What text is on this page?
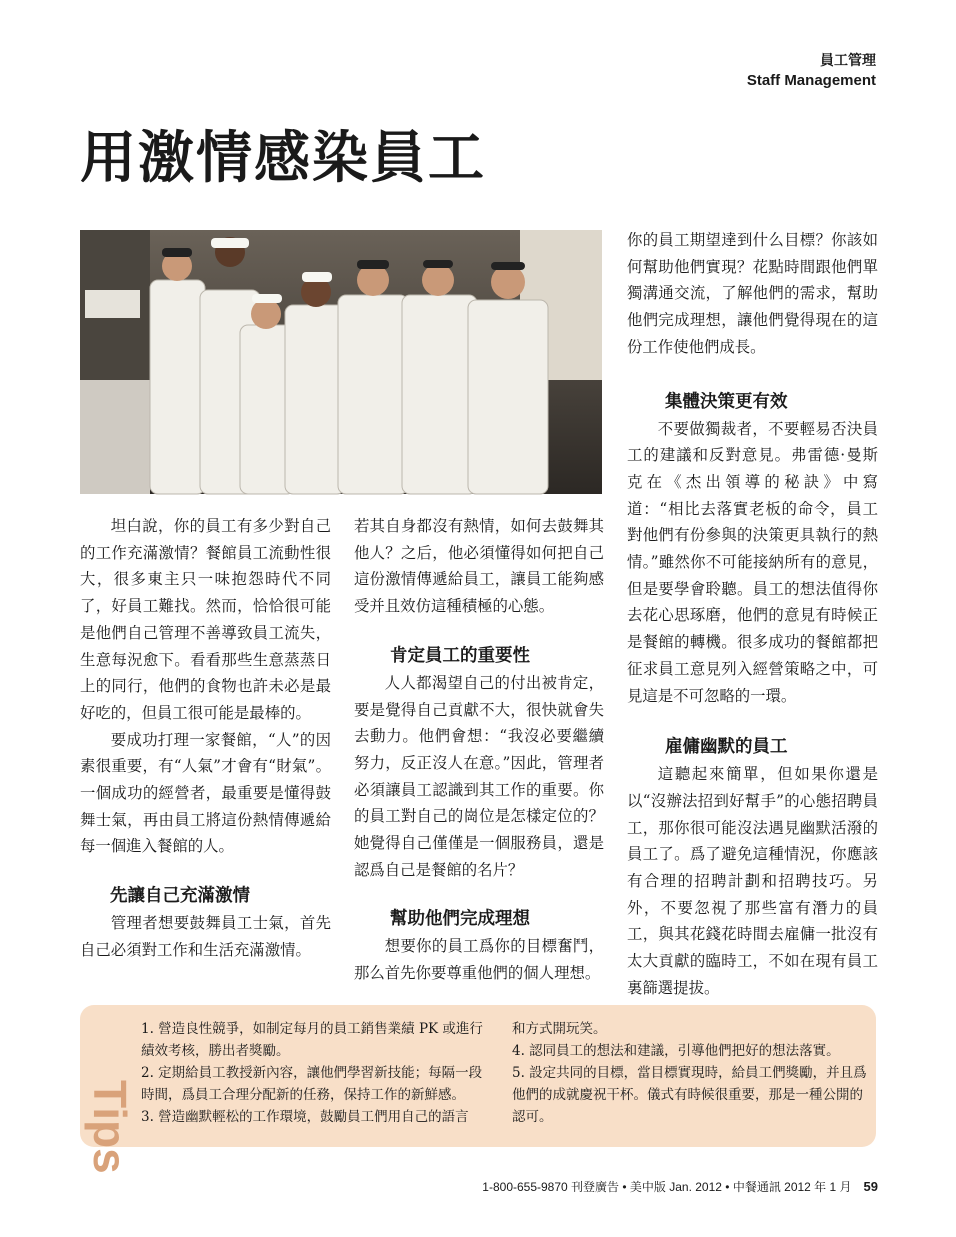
員工管理
Staff Management
用激情感染員工

坦白說，你的員工有多少對自己的工作充滿激情？餐館員工流動性很大，很多東主只一味抱怨時代不同了，好員工難找。然而，恰恰很可能是他們自己管理不善導致員工流失，生意每況愈下。看看那些生意蒸蒸日上的同行，他們的食物也許未必是最好吃的，但員工很可能是最棒的。

要成功打理一家餐館，“人”的因素很重要，有“人氣”才會有“財氣”。一個成功的經營者，最重要是懂得鼓舞士氣，再由員工將這份熱情傳遞給每一個進入餐館的人。

先讓自己充滿激情

管理者想要鼓舞員工士氣，首先自己必須對工作和生活充滿激情。

若其自身都沒有熱情，如何去鼓舞其他人？之后，他必須懂得如何把自己這份激情傳遞給員工，讓員工能夠感受并且效仿這種積極的心態。

肯定員工的重要性

人人都渴望自己的付出被肯定，要是覺得自己貢獻不大，很快就會失去動力。他們會想：“我沒必要繼續努力，反正沒人在意。”因此，管理者必須讓員工認識到其工作的重要。你的員工對自己的崗位是怎樣定位的？她覺得自己僅僅是一個服務員，還是認爲自己是餐館的名片？

幫助他們完成理想

想要你的員工爲你的目標奮鬥，那么首先你要尊重他們的個人理想。

你的員工期望達到什么目標？你該如何幫助他們實現？花點時間跟他們單獨溝通交流，了解他們的需求，幫助他們完成理想，讓他們覺得現在的這份工作使他們成長。

集體決策更有效

不要做獨裁者，不要輕易否決員工的建議和反對意見。弗雷德·曼斯克在《杰出領導的秘訣》中寫道：“相比去落實老板的命令，員工對他們有份參與的決策更具執行的熱情。”雖然你不可能接納所有的意見，但是要學會聆聽。員工的想法值得你去花心思琢磨，他們的意見有時候正是餐館的轉機。很多成功的餐館都把征求員工意見列入經營策略之中，可見這是不可忽略的一環。

雇傭幽默的員工

這聽起來簡單，但如果你還是以“沒辦法招到好幫手”的心態招聘員工，那你很可能沒法遇見幽默活潑的員工了。爲了避免這種情況，你應該有合理的招聘計劃和招聘技巧。另外，不要忽視了那些富有潛力的員工，與其花錢花時間去雇傭一批沒有太大貢獻的臨時工，不如在現有員工裏篩選提拔。

Tips
1. 營造良性競爭，如制定每月的員工銷售業績 PK 或進行績效考核，勝出者獎勵。
2. 定期給員工教授新內容，讓他們學習新技能；每隔一段時間，爲員工合理分配新的任務，保持工作的新鮮感。
3. 營造幽默輕松的工作環境，鼓勵員工們用自己的語言
和方式開玩笑。
4. 認同員工的想法和建議，引導他們把好的想法落實。
5. 設定共同的目標，當目標實現時，給員工們獎勵，并且爲他們的成就慶祝干杯。儀式有時候很重要，那是一種公開的認可。
1-800-655-9870 刊登廣告 • 美中版 Jan. 2012 • 中餐通訊 2012 年 1 月 59
